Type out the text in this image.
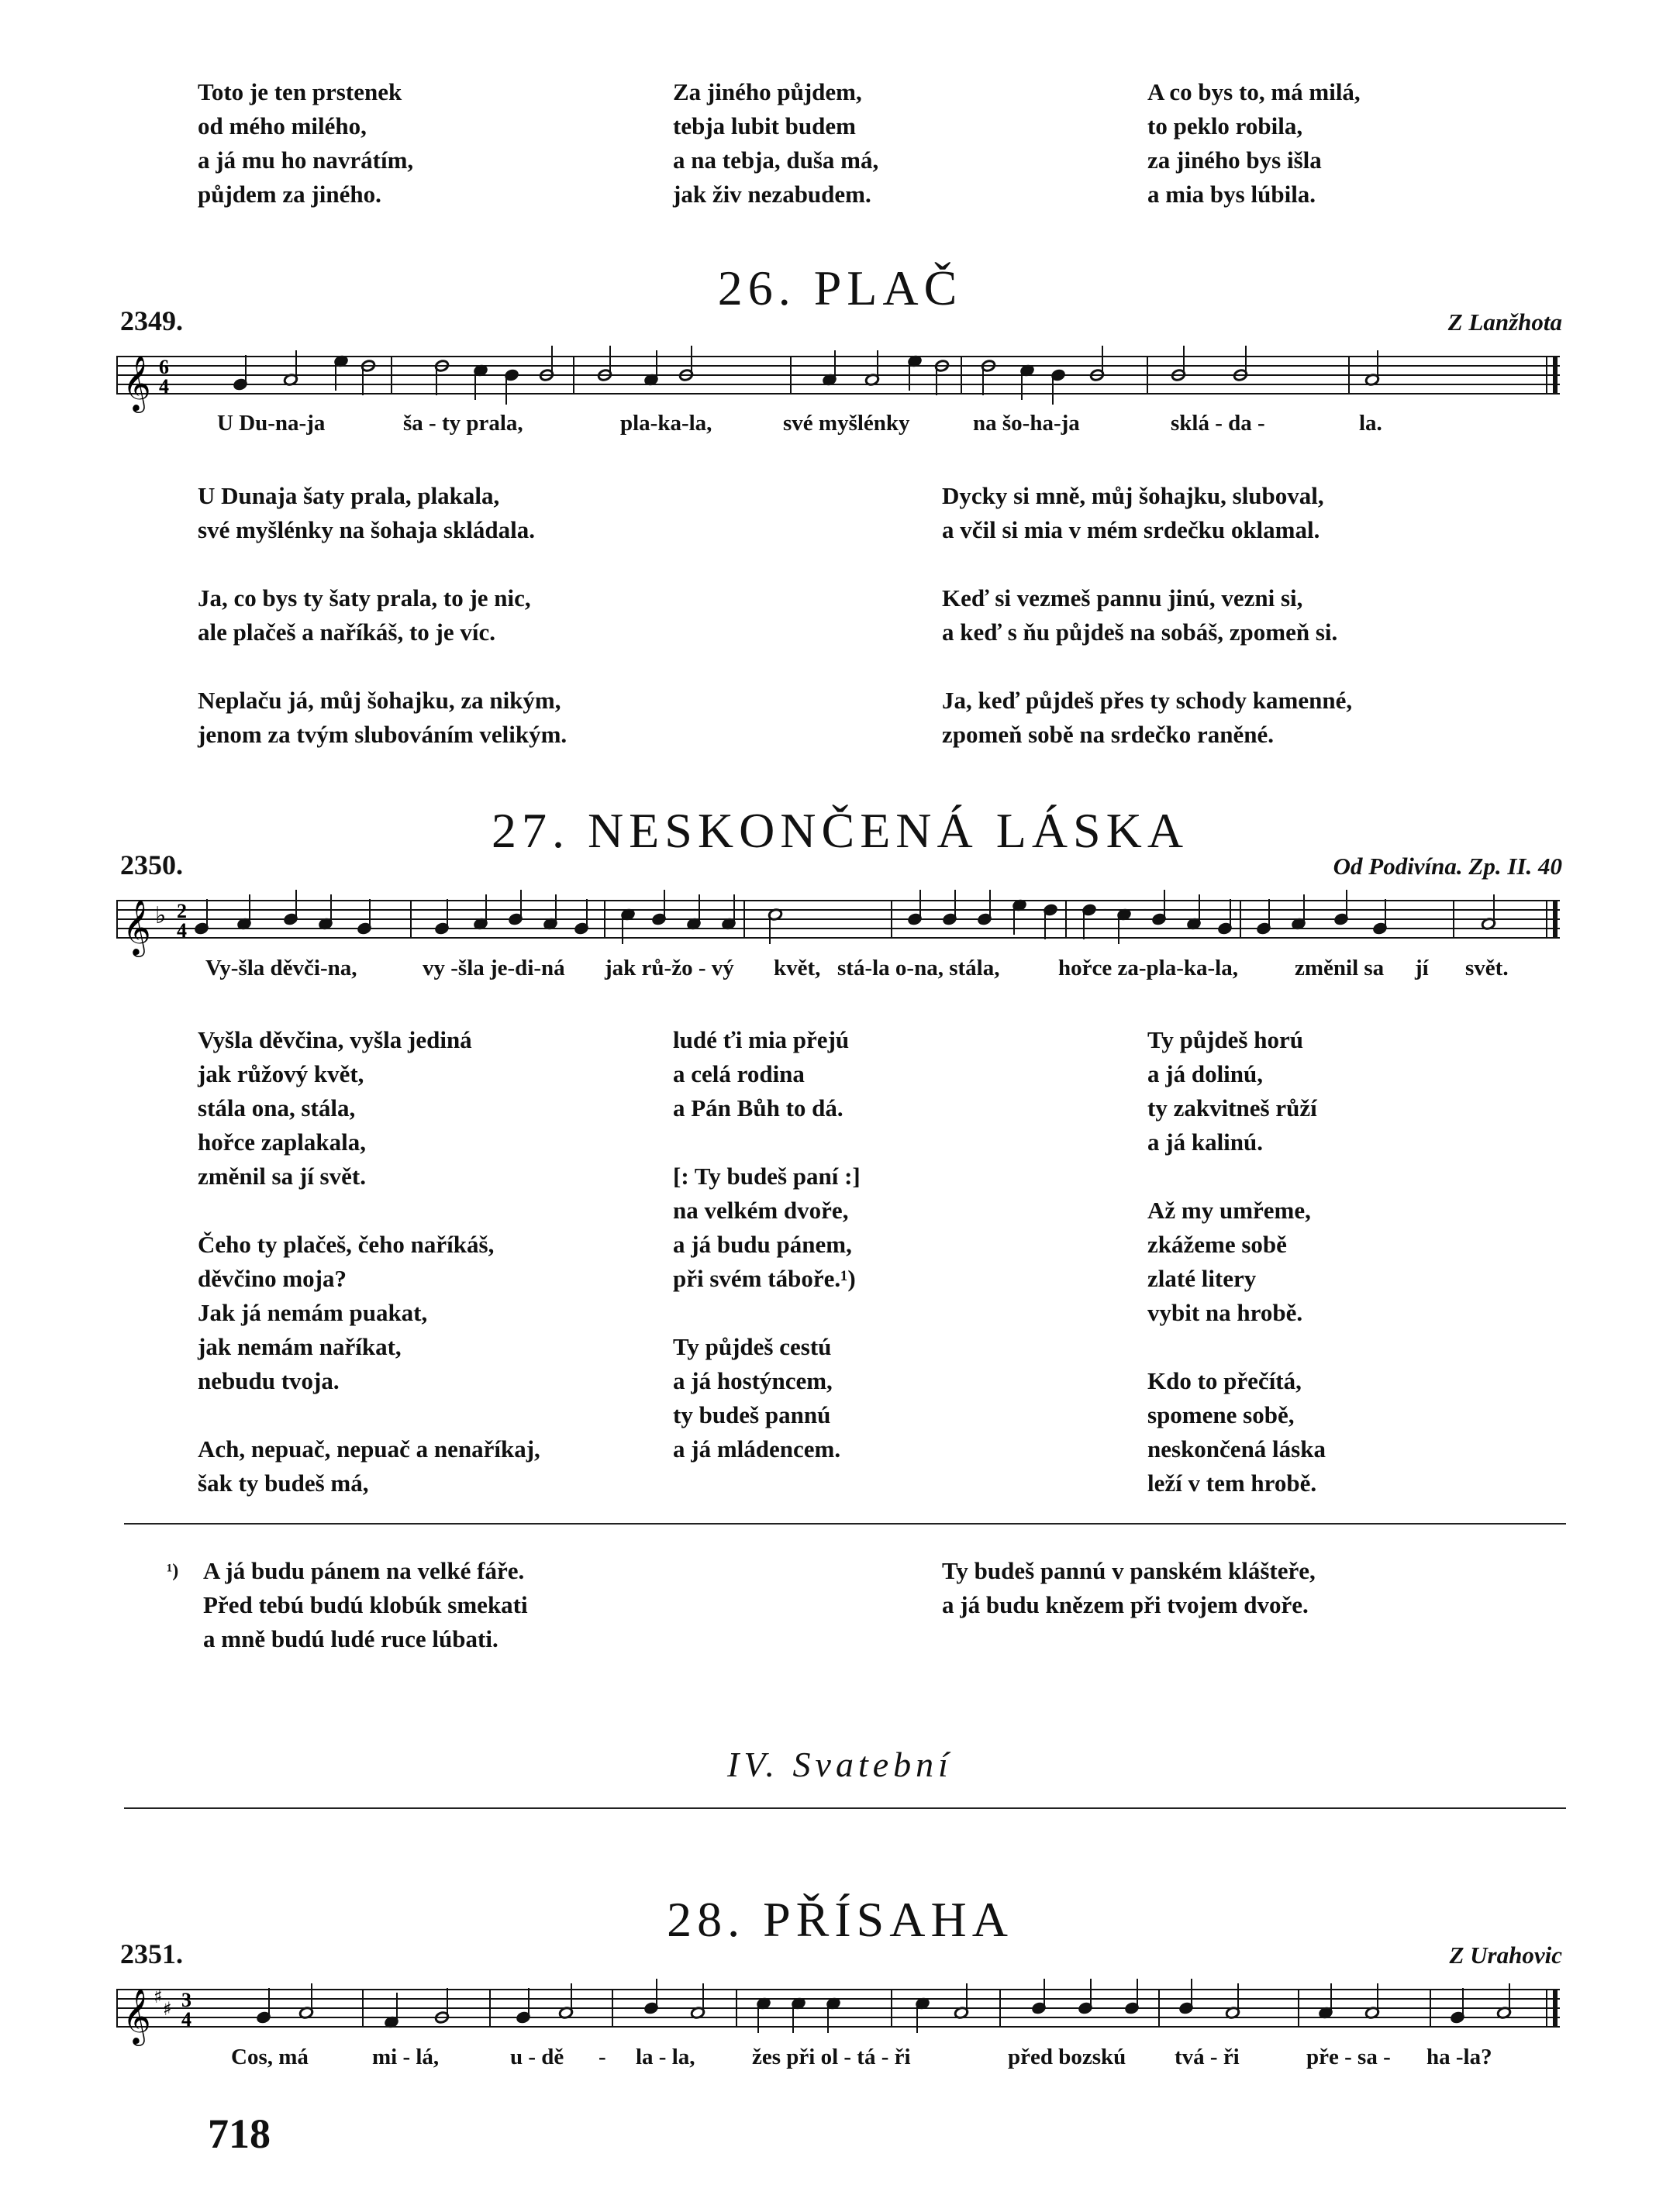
Toto je ten prstenek
od mého milého,
a já mu ho navrátím,
půjdem za jiného.
Za jiného půjdem,
tebja lubit budem
a na tebja, duša má,
jak živ nezabudem.
A co bys to, má milá,
to peklo robila,
za jiného bys išla
a mia bys lúbila.
26. PLAČ
2349.	Z Lanžhota
𝄞 6
4
U Du-na-ja	ša - ty prala,	pla-ka-la,	své myšlénky	na šo-ha-ja	sklá - da -	la.
U Dunaja šaty prala, plakala,
své myšlénky na šohaja skládala.
Ja, co bys ty šaty prala, to je nic,
ale plačeš a naříkáš, to je víc.
Neplaču já, můj šohajku, za nikým,
jenom za tvým slubováním velikým.
Dycky si mně, můj šohajku, sluboval,
a včil si mia v mém srdečku oklamal.
Keď si vezmeš pannu jinú, vezni si,
a keď s ňu půjdeš na sobáš, zpomeň si.
Ja, keď půjdeš přes ty schody kamenné,
zpomeň sobě na srdečko raněné.
27. NESKONČENÁ LÁSKA
2350.	Od Podivína. Zp. II. 40
𝄞 ♭ 2
4
Vy-šla děvči-na,	vy -šla je-di-ná jak rů-žo - vý květ, stá-la o-na, stála,	hořce za-pla-ka-la,	změnil sa jí svět.
Vyšla děvčina, vyšla jediná
jak růžový květ,
stála ona, stála,
hořce zaplakala,
změnil sa jí svět.
Čeho ty plačeš, čeho naříkáš,
děvčino moja?
Jak já nemám puakat,
jak nemám naříkat,
nebudu tvoja.
Ach, nepuač, nepuač a nenaříkaj,
šak ty budeš má,
ludé ťi mia přejú
a celá rodina
a Pán Bůh to dá.
[: Ty budeš paní :]
na velkém dvoře,
a já budu pánem,
při svém tábořе.¹)
Ty půjdeš cestú
a já hostýncem,
ty budeš pannú
a já mládencem.
Ty půjdeš horú
a já dolinú,
ty zakvitneš růží
a já kalinú.
Až my umřeme,
zkážeme sobě
zlaté litery
vybit na hrobě.
Kdo to přečítá,
spomene sobě,
neskončená láska
leží v tem hrobě.
¹) A já budu pánem na velké fáře.
Před tebú budú klobúk smekati
a mně budú ludé ruce lúbati.
Ty budeš pannú v panském klášteře,
a já budu knězem při tvojem dvoře.
IV. Svatební
28. PŘÍSAHA
2351.	Z Urahovic
𝄞 ♯
♯ 3
4
Cos, má	mi - lá,	u - dě - la - la,	žes při ol - tá - ři	před bozskú tvá - ři	pře - sa - ha -la?
718
